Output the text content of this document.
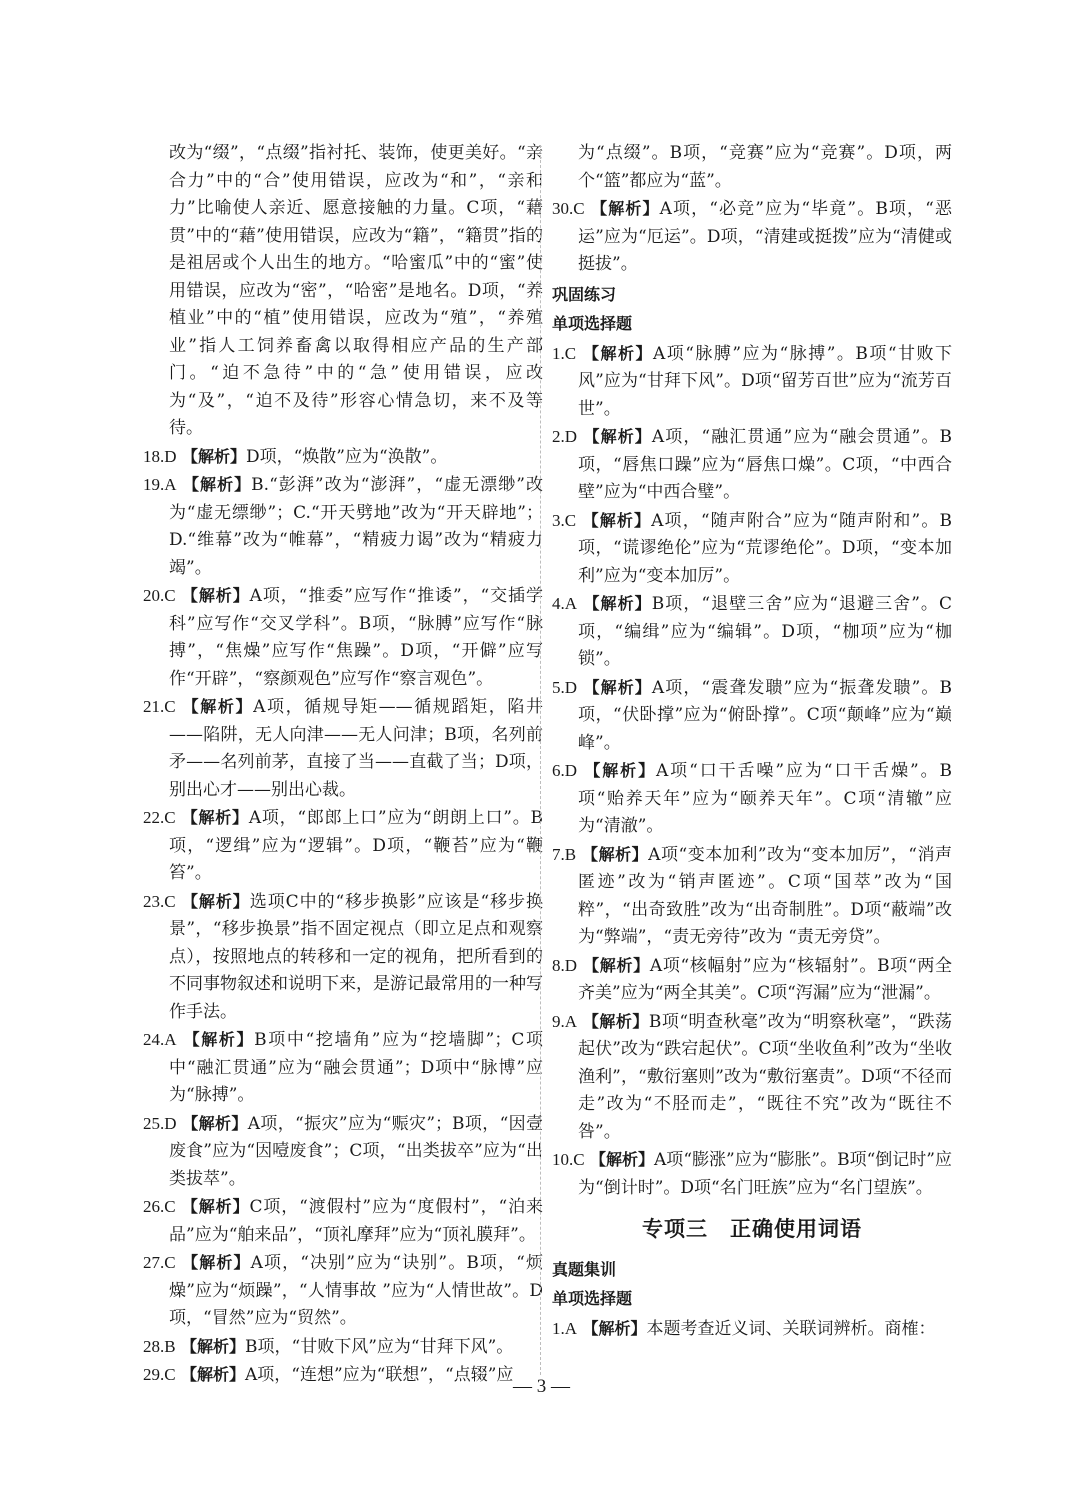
改为“缀”，“点缀”指衬托、装饰，使更美好。“亲合力”中的“合”使用错误，应改为“和”，“亲和力”比喻使人亲近、愿意接触的力量。C项，“藉贯”中的“藉”使用错误，应改为“籍”，“籍贯”指的是祖居或个人出生的地方。“哈蜜瓜”中的“蜜”使用错误，应改为“密”，“哈密”是地名。D项，“养植业”中的“植”使用错误，应改为“殖”，“养殖业”指人工饲养畜禽以取得相应产品的生产部门。“迫不急待”中的“急”使用错误，应改为“及”，“迫不及待”形容心情急切，来不及等待。

18.D 【解析】D项，“焕散”应为“涣散”。

19.A 【解析】B.“彭湃”改为“澎湃”，“虚无漂缈”改为“虚无缥缈”；C.“开天劈地”改为“开天辟地”；D.“维幕”改为“帷幕”，“精疲力谒”改为“精疲力竭”。

20.C 【解析】A项，“推委”应写作“推诿”，“交插学科”应写作“交叉学科”。B项，“脉膊”应写作“脉搏”，“焦燥”应写作“焦躁”。D项，“开僻”应写作“开辟”，“察颜观色”应写作“察言观色”。

21.C 【解析】A项，循规导矩——循规蹈矩，陷井——陷阱，无人向津——无人问津；B项，名列前矛——名列前茅，直接了当——直截了当；D项，别出心才——别出心裁。

22.C 【解析】A项，“郎郎上口”应为“朗朗上口”。B项，“逻缉”应为“逻辑”。D项，“鞭苔”应为“鞭笞”。

23.C 【解析】选项C中的“移步换影”应该是“移步换景”，“移步换景”指不固定视点（即立足点和观察点），按照地点的转移和一定的视角，把所看到的不同事物叙述和说明下来，是游记最常用的一种写作手法。

24.A 【解析】B项中“挖墙角”应为“挖墙脚”；C项中“融汇贯通”应为“融会贯通”；D项中“脉博”应为“脉搏”。

25.D 【解析】A项，“振灾”应为“赈灾”；B项，“因壹废食”应为“因噎废食”；C项，“出类拔卒”应为“出类拔萃”。

26.C 【解析】C项，“渡假村”应为“度假村”，“泊来品”应为“舶来品”，“顶礼摩拜”应为“顶礼膜拜”。

27.C 【解析】A项，“决别”应为“诀别”。B项，“烦燥”应为“烦躁”，“人情事故 ”应为“人情世故”。D项，“冒然”应为“贸然”。

28.B 【解析】B项，“甘败下风”应为“甘拜下风”。

29.C 【解析】A项，“连想”应为“联想”，“点辍”应

为“点缀”。B项，“竞赛”应为“竞赛”。D项，两个“篮”都应为“蓝”。

30.C 【解析】A项，“必竞”应为“毕竟”。B项，“恶运”应为“厄运”。D项，“清建或挺拨”应为“清健或挺拔”。

巩固练习
单项选择题

1.C 【解析】A项“脉膊”应为“脉搏”。B项“甘败下风”应为“甘拜下风”。D项“留芳百世”应为“流芳百世”。

2.D 【解析】A项，“融汇贯通”应为“融会贯通”。B项，“唇焦口躁”应为“唇焦口燥”。C项，“中西合壁”应为“中西合璧”。

3.C 【解析】A项，“随声附合”应为“随声附和”。B项，“谎谬绝伦”应为“荒谬绝伦”。D项，“变本加利”应为“变本加厉”。

4.A 【解析】B项，“退壁三舍”应为“退避三舍”。C项，“编缉”应为“编辑”。D项，“枷项”应为“枷锁”。

5.D 【解析】A项，“震聋发聩”应为“振聋发聩”。B项，“伏卧撑”应为“俯卧撑”。C项“颠峰”应为“巅峰”。

6.D 【解析】A项“口干舌噪”应为“口干舌燥”。B项“贻养天年”应为“颐养天年”。C项“清辙”应为“清澈”。

7.B 【解析】A项“变本加利”改为“变本加厉”，“消声匿迹”改为“销声匿迹”。C项“国萃”改为“国粹”，“出奇致胜”改为“出奇制胜”。D项“蔽端”改为“弊端”，“责无旁待”改为 “责无旁贷”。

8.D 【解析】A项“核幅射”应为“核辐射”。B项“两全齐美”应为“两全其美”。C项“泻漏”应为“泄漏”。

9.A 【解析】B项“明查秋毫”改为“明察秋毫”，“跌荡起伏”改为“跌宕起伏”。C项“坐收鱼利”改为“坐收渔利”，“敷衍塞则”改为“敷衍塞责”。D项“不径而走”改为“不胫而走”，“既往不究”改为“既往不咎”。

10.C 【解析】A项“膨涨”应为“膨胀”。B项“倒记时”应为“倒计时”。D项“名门旺族”应为“名门望族”。

专项三　正确使用词语
真题集训
单项选择题

1.A 【解析】本题考查近义词、关联词辨析。商榷：

— 3 —
